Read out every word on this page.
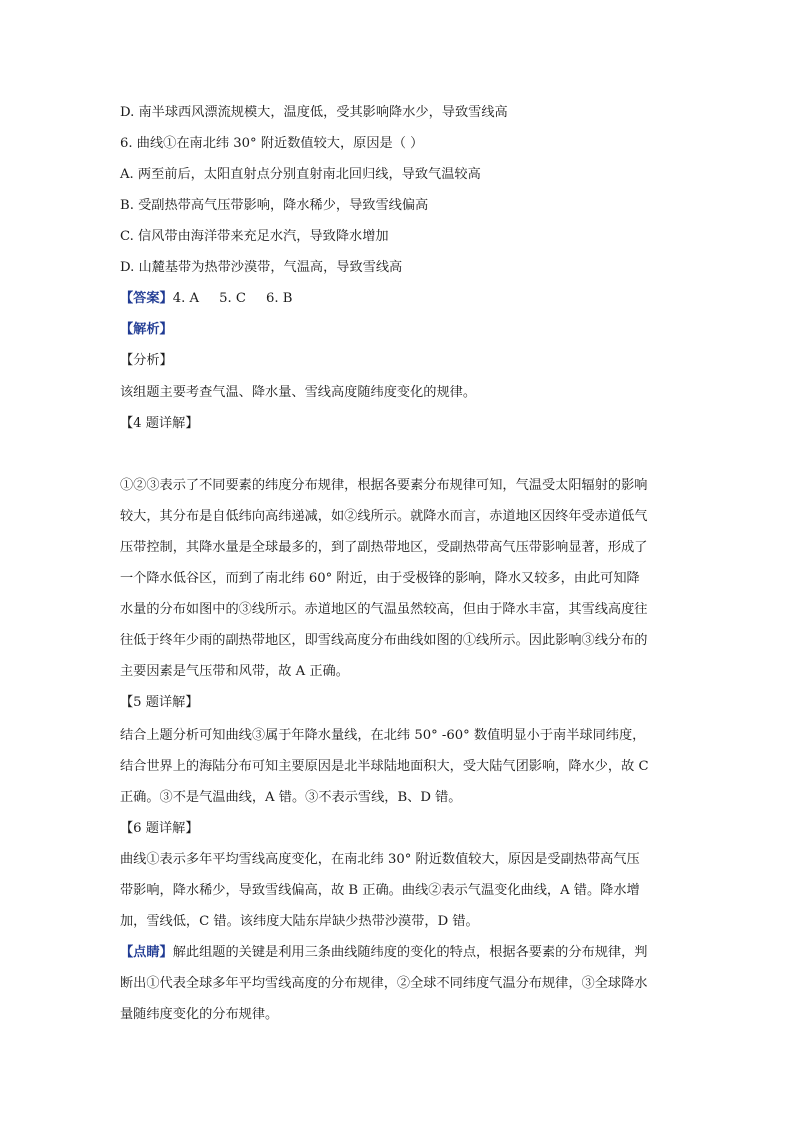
D. 南半球西风漂流规模大，温度低，受其影响降水少，导致雪线高
6. 曲线①在南北纬 30° 附近数值较大，原因是（ ）
A. 两至前后，太阳直射点分别直射南北回归线，导致气温较高
B. 受副热带高气压带影响，降水稀少，导致雪线偏高
C. 信风带由海洋带来充足水汽，导致降水增加
D. 山麓基带为热带沙漠带，气温高，导致雪线高
【答案】4. A 5. C 6. B
【解析】
【分析】
该组题主要考查气温、降水量、雪线高度随纬度变化的规律。
【4 题详解】
①②③表示了不同要素的纬度分布规律，根据各要素分布规律可知，气温受太阳辐射的影响
较大，其分布是自低纬向高纬递减，如②线所示。就降水而言，赤道地区因终年受赤道低气
压带控制，其降水量是全球最多的，到了副热带地区，受副热带高气压带影响显著，形成了
一个降水低谷区，而到了南北纬 60° 附近，由于受极锋的影响，降水又较多，由此可知降
水量的分布如图中的③线所示。赤道地区的气温虽然较高，但由于降水丰富，其雪线高度往
往低于终年少雨的副热带地区，即雪线高度分布曲线如图的①线所示。因此影响③线分布的
主要因素是气压带和风带，故 A 正确。
【5 题详解】
结合上题分析可知曲线③属于年降水量线，在北纬 50° -60° 数值明显小于南半球同纬度，
结合世界上的海陆分布可知主要原因是北半球陆地面积大，受大陆气团影响，降水少，故 C
正确。③不是气温曲线，A 错。③不表示雪线，B、D 错。
【6 题详解】
曲线①表示多年平均雪线高度变化，在南北纬 30° 附近数值较大，原因是受副热带高气压
带影响，降水稀少，导致雪线偏高，故 B 正确。曲线②表示气温变化曲线，A 错。降水增
加，雪线低，C 错。该纬度大陆东岸缺少热带沙漠带，D 错。
【点睛】解此组题的关键是利用三条曲线随纬度的变化的特点，根据各要素的分布规律，判
断出①代表全球多年平均雪线高度的分布规律，②全球不同纬度气温分布规律，③全球降水
量随纬度变化的分布规律。
